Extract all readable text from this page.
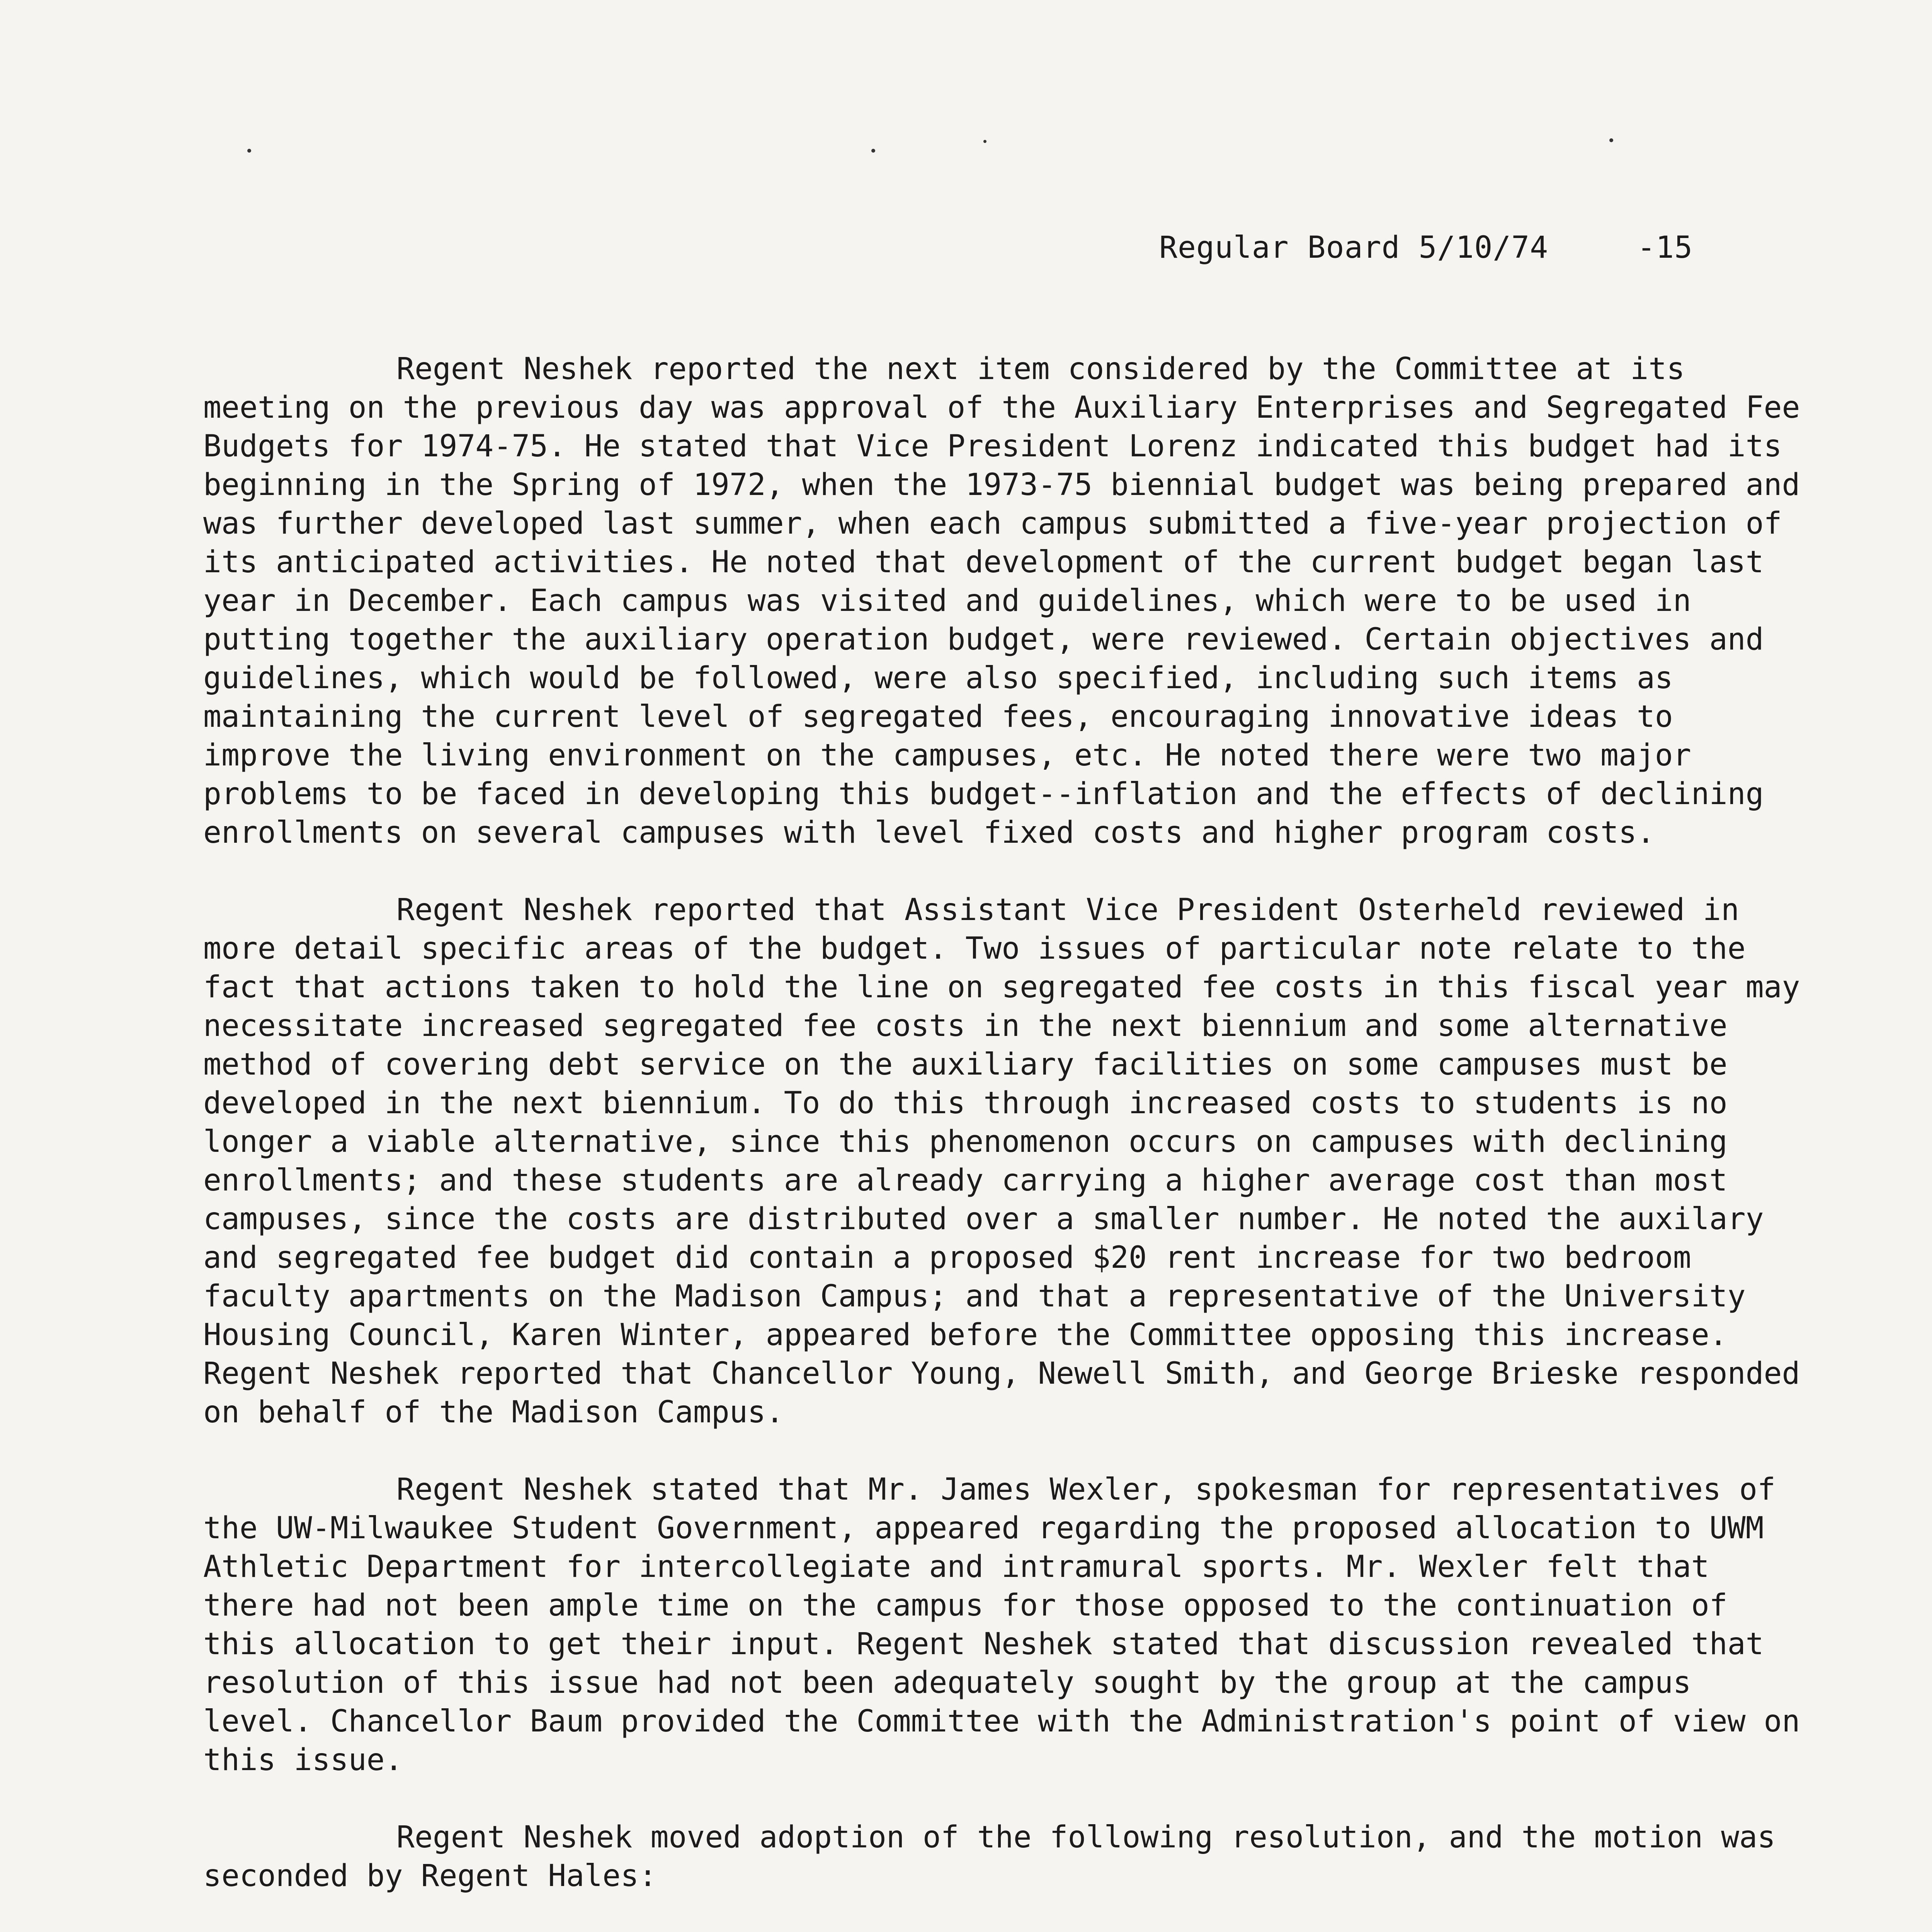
Regular Board 5/10/74	-15

Regent Neshek reported the next item considered by the Committee at its meeting on the previous day was approval of the Auxiliary Enterprises and Segregated Fee Budgets for 1974-75. He stated that Vice President Lorenz indicated this budget had its beginning in the Spring of 1972, when the 1973-75 biennial budget was being prepared and was further developed last summer, when each campus submitted a five-year projection of its anticipated activities. He noted that development of the current budget began last year in December. Each campus was visited and guidelines, which were to be used in putting together the auxiliary operation budget, were reviewed. Certain objectives and guidelines, which would be followed, were also specified, including such items as maintaining the current level of segregated fees, encouraging innovative ideas to improve the living environment on the campuses, etc. He noted there were two major problems to be faced in developing this budget--inflation and the effects of declining enrollments on several campuses with level fixed costs and higher program costs.

Regent Neshek reported that Assistant Vice President Osterheld reviewed in more detail specific areas of the budget. Two issues of particular note relate to the fact that actions taken to hold the line on segregated fee costs in this fiscal year may necessitate increased segregated fee costs in the next biennium and some alternative method of covering debt service on the auxiliary facilities on some campuses must be developed in the next biennium. To do this through increased costs to students is no longer a viable alternative, since this phenomenon occurs on campuses with declining enrollments; and these students are already carrying a higher average cost than most campuses, since the costs are distributed over a smaller number. He noted the auxilary and segregated fee budget did contain a proposed $20 rent increase for two bedroom faculty apartments on the Madison Campus; and that a representative of the University Housing Council, Karen Winter, appeared before the Committee opposing this increase. Regent Neshek reported that Chancellor Young, Newell Smith, and George Brieske responded on behalf of the Madison Campus.

Regent Neshek stated that Mr. James Wexler, spokesman for representatives of the UW-Milwaukee Student Government, appeared regarding the proposed allocation to UWM Athletic Department for intercollegiate and intramural sports. Mr. Wexler felt that there had not been ample time on the campus for those opposed to the continuation of this allocation to get their input. Regent Neshek stated that discussion revealed that resolution of this issue had not been adequately sought by the group at the campus level. Chancellor Baum provided the Committee with the Administration's point of view on this issue.

Regent Neshek moved adoption of the following resolution, and the motion was seconded by Regent Hales:
